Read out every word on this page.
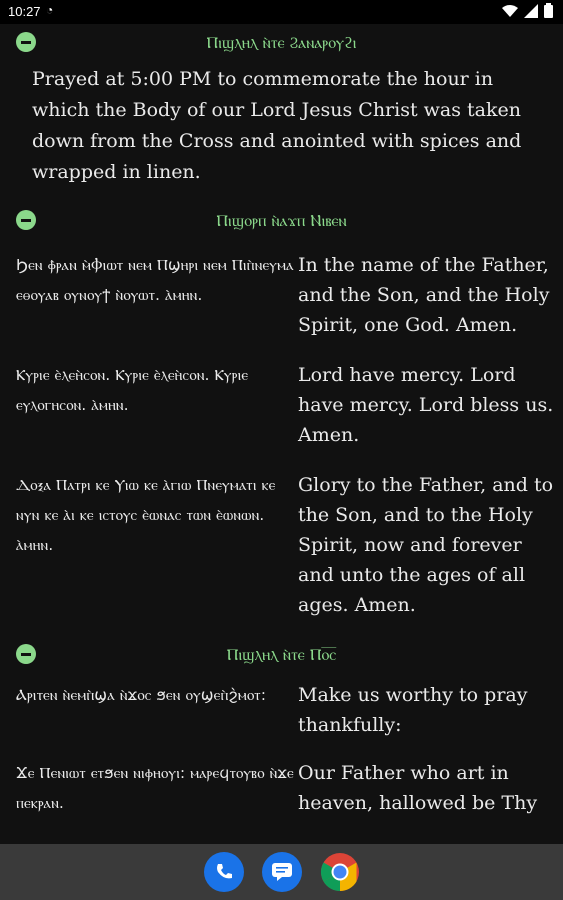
10:27 ◔
Ⲡⲓϣⲗⲏⲗ ⲛ̀ⲧⲉ Ϩⲁⲛⲁⲣⲟⲩϩⲓ
Prayed at 5:00 PM to commemorate the hour in which the Body of our Lord Jesus Christ was taken down from the Cross and anointed with spices and wrapped in linen.
Ⲡⲓϣⲟⲣⲡ ⲛ̀ⲁϫⲡ Ⲛⲓⲃⲉⲛ
Ϧⲉⲛ ⲫ̀ⲣⲁⲛ ⲙ̀Ⲫⲓⲱⲧ ⲛⲉⲙ Ⲡϣⲏⲣⲓ ⲛⲉⲙ Ⲡⲓⲡ̀ⲛⲉⲩⲙⲁ ⲉⲑⲟⲩⲁⲃ ⲟⲩⲛⲟⲩϯ ⲛ̀ⲟⲩⲱⲧ. ⲁ̀ⲙⲏⲛ.
In the name of the Father, and the Son, and the Holy Spirit, one God. Amen.
Ⲕⲩⲣⲓⲉ ⲉ̀ⲗⲉⲏ̀ⲥⲟⲛ. Ⲕⲩⲣⲓⲉ ⲉ̀ⲗⲉⲏ̀ⲥⲟⲛ. Ⲕⲩⲣⲓⲉ ⲉⲩⲗⲟⲅⲏⲥⲟⲛ. ⲁ̀ⲙⲏⲛ.
Lord have mercy. Lord have mercy. Lord bless us. Amen.
Ⲇⲟⲝⲁ Ⲡⲁⲧⲣⲓ ⲕⲉ Ⲩⲓⲱ ⲕⲉ ⲁ̀ⲅⲓⲱ Ⲡⲛⲉⲩⲙⲁⲧⲓ ⲕⲉ ⲛⲩⲛ ⲕⲉ ⲁ̀ⲓ ⲕⲉ ⲓⲥⲧⲟⲩⲥ ⲉ̀ⲱⲛⲁⲥ ⲧⲱⲛ ⲉ̀ⲱⲛⲱⲛ. ⲁ̀ⲙⲏⲛ.
Glory to the Father, and to the Son, and to the Holy Spirit, now and forever and unto the ages of all ages. Amen.
Ⲡⲓϣⲗⲏⲗ ⲛ̀ⲧⲉ Ⲡⲟ̅ⲥ̅
Ⲁⲣⲓⲧⲉⲛ ⲛ̀ⲉⲙⲡ̀ϣⲁ ⲛ̀ϫⲟⲥ ϧⲉⲛ ⲟⲩϣⲉⲡ̀ϩ̀ⲙⲟⲧ:	Make us worthy to pray thankfully:
Ϫⲉ Ⲡⲉⲛⲓⲱⲧ ⲉⲧϧⲉⲛ ⲛⲓⲫⲏⲟⲩⲓ: ⲙⲁⲣⲉϥⲧⲟⲩⲃⲟ ⲛ̀ϫⲉ ⲡⲉⲕⲣⲁⲛ.
Our Father who art in heaven, hallowed be Thy
